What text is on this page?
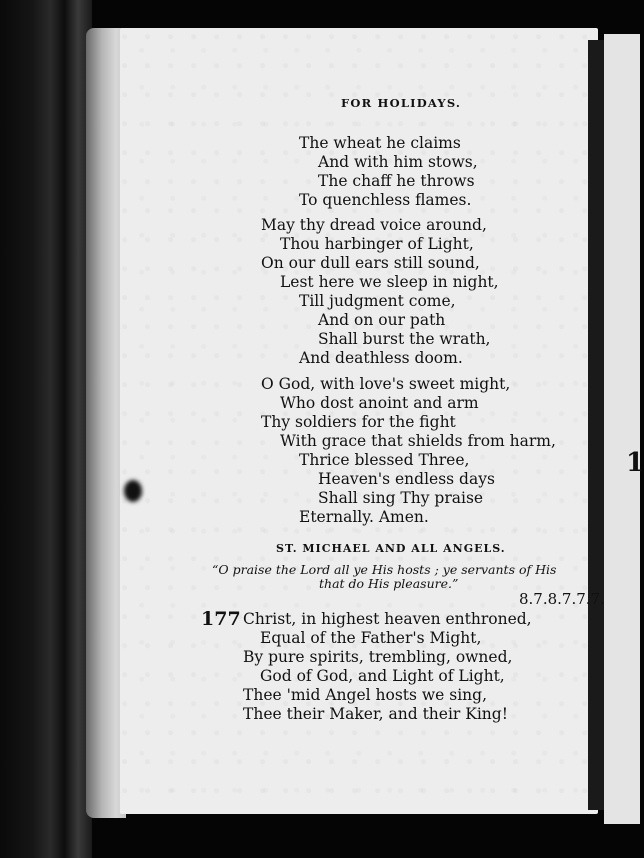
1
FOR HOLIDAYS.
The wheat he claims
And with him stows,
The chaff he throws
To quenchless flames.
May thy dread voice around,
Thou harbinger of Light,
On our dull ears still sound,
Lest here we sleep in night,
Till judgment come,
And on our path
Shall burst the wrath,
And deathless doom.
O God, with love's sweet might,
Who dost anoint and arm
Thy soldiers for the fight
With grace that shields from harm,
Thrice blessed Three,
Heaven's endless days
Shall sing Thy praise
Eternally. Amen.
ST. MICHAEL AND ALL ANGELS.
“O praise the Lord all ye His hosts ; ye servants of His
that do His pleasure.”
8.7.8.7.7.7.
177 Christ, in highest heaven enthroned,
Equal of the Father's Might,
By pure spirits, trembling, owned,
God of God, and Light of Light,
Thee 'mid Angel hosts we sing,
Thee their Maker, and their King!
